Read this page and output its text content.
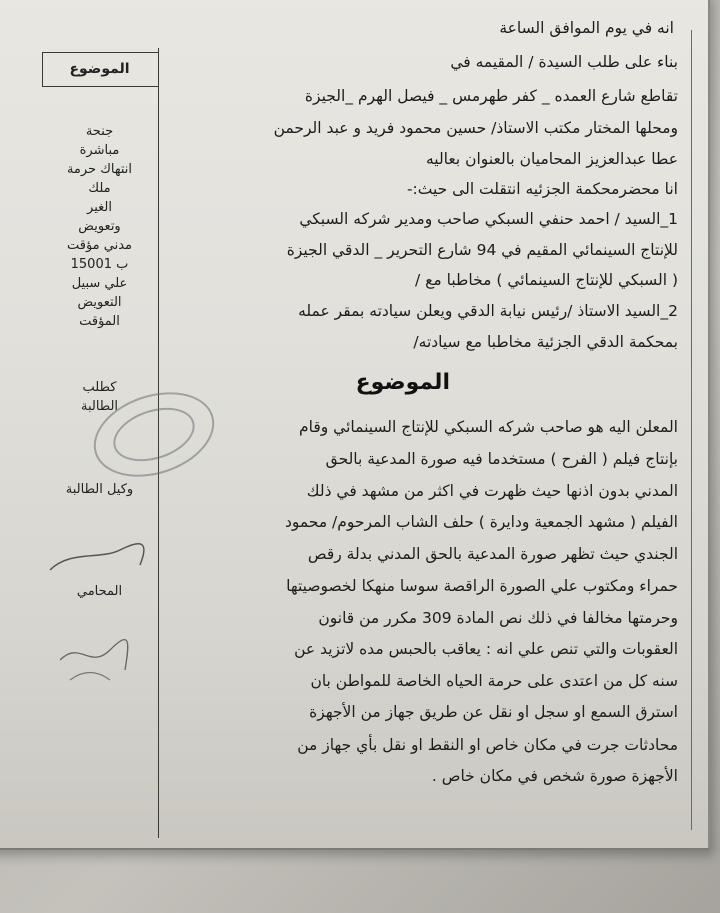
الموضوع
جنحة
مباشرة
انتهاك حرمة
ملك
الغير
وتعويض
مدني مؤقت
ب 15001
علي سبيل
التعويض
المؤقت
كطلب
الطالبة
وكيل الطالبة
المحامي
انه في يوم الموافق الساعة
بناء على طلب السيدة / المقيمه في
تقاطع شارع العمده _ كفر طهرمس _ فيصل الهرم _الجيزة
ومحلها المختار مكتب الاستاذ/ حسين محمود فريد و عبد الرحمن
عطا عبدالعزيز المحاميان بالعنوان بعاليه
انا محضرمحكمة الجزئيه انتقلت الى حيث:-
1_السيد / احمد حنفي السبكي صاحب ومدير شركه السبكي
للإنتاج السينمائي المقيم في 94 شارع التحرير _ الدقي الجيزة
( السبكي للإنتاج السينمائي ) مخاطبا مع /
2_السيد الاستاذ /رئيس نيابة الدقي ويعلن سيادته بمقر عمله
بمحكمة الدقي الجزئية مخاطبا مع سيادته/
الموضوع
المعلن اليه هو صاحب شركه السبكي للإنتاج السينمائي وقام
بإنتاج فيلم ( الفرح ) مستخدما فيه صورة المدعية بالحق
المدني بدون اذنها حيث ظهرت في اكثر من مشهد في ذلك
الفيلم ( مشهد الجمعية ودايرة ) حلف الشاب المرحوم/ محمود
الجندي حيث تظهر صورة المدعية بالحق المدني بدلة رقص
حمراء ومكتوب علي الصورة الراقصة سوسا منهكا لخصوصيتها
وحرمتها مخالفا في ذلك نص المادة 309 مكرر من قانون
العقوبات والتي تنص علي انه : يعاقب بالحبس مده لاتزيد عن
سنه كل من اعتدى على حرمة الحياه الخاصة للمواطن بان
استرق السمع او سجل او نقل عن طريق جهاز من الأجهزة
محادثات جرت في مكان خاص او النقط او نقل بأي جهاز من
الأجهزة صورة شخص في مكان خاص .
